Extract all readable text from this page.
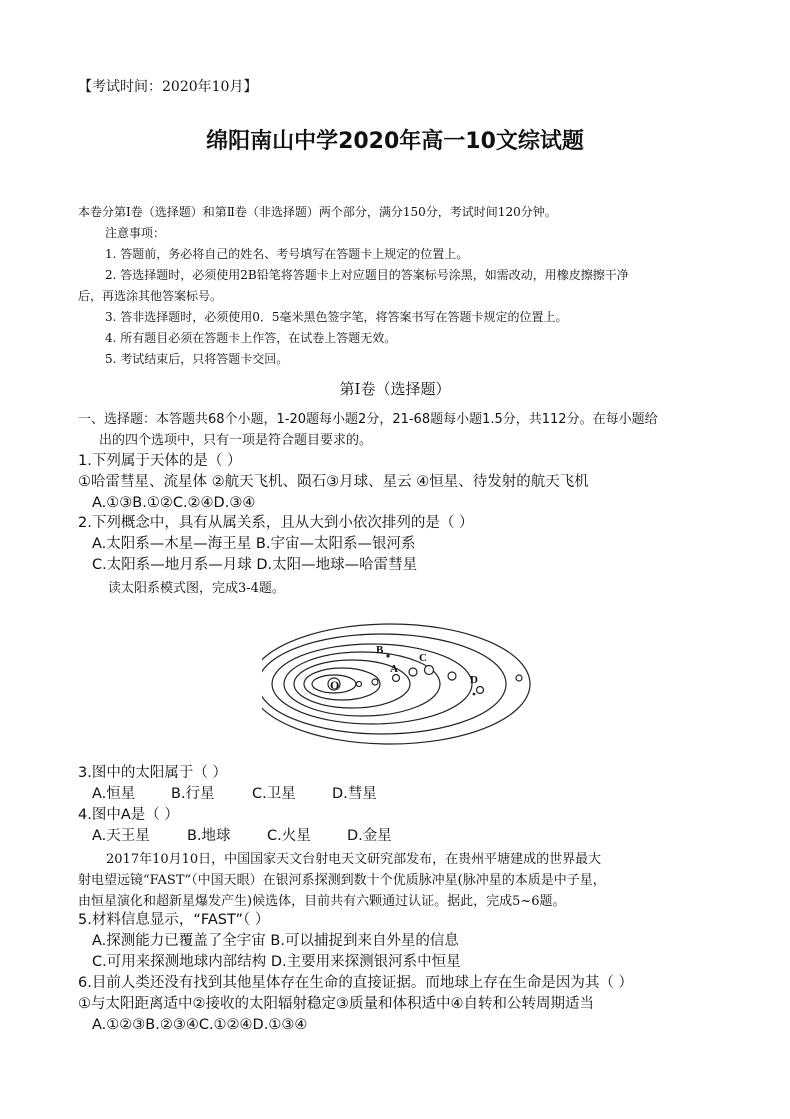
【考试时间：2020年10月】
绵阳南山中学2020年高一10文综试题
本卷分第Ⅰ卷（选择题）和第Ⅱ卷（非选择题）两个部分，满分150分，考试时间120分钟。
注意事项：
1. 答题前，务必将自己的姓名、考号填写在答题卡上规定的位置上。
2. 答选择题时，必须使用2B铅笔将答题卡上对应题目的答案标号涂黑，如需改动，用橡皮擦擦干净
后，再选涂其他答案标号。
3. 答非选择题时，必须使用0．5毫米黑色签字笔，将答案书写在答题卡规定的位置上。
4. 所有题目必须在答题卡上作答，在试卷上答题无效。
5. 考试结束后，只将答题卡交回。
第Ⅰ卷（选择题）
一、选择题：本答题共68个小题，1-20题每小题2分，21-68题每小题1.5分，共112分。在每小题给
出的四个选项中，只有一项是符合题目要求的。
1.下列属于天体的是（ ）
①哈雷彗星、流星体 ②航天飞机、陨石③月球、星云 ④恒星、待发射的航天飞机
A.①③B.①②C.②④D.③④
2.下列概念中，具有从属关系，且从大到小依次排列的是（ ）
A.太阳系—木星—海王星 B.宇宙—太阳系—银河系
C.太阳系—地月系—月球 D.太阳—地球—哈雷彗星
读太阳系模式图，完成3-4题。
O
B
A
C
D
3.图中的太阳属于（ ）
A.恒星 B.行星	C.卫星	D.彗星
4.图中A是（ ）
A.天王星	B.地球	C.火星	D.金星
2017年10月10日，中国国家天文台射电天文研究部发布，在贵州平塘建成的世界最大
射电望远镜“FAST”（中国天眼）在银河系探测到数十个优质脉冲星(脉冲星的本质是中子星，
由恒星演化和超新星爆发产生)候选体，目前共有六颗通过认证。据此，完成5~6题。
5.材料信息显示，“FAST”（ ）
A.探测能力已覆盖了全宇宙 B.可以捕捉到来自外星的信息
C.可用来探测地球内部结构 D.主要用来探测银河系中恒星
6.目前人类还没有找到其他星体存在生命的直接证据。而地球上存在生命是因为其（ ）
①与太阳距离适中②接收的太阳辐射稳定③质量和体积适中④自转和公转周期适当
A.①②③B.②③④C.①②④D.①③④
